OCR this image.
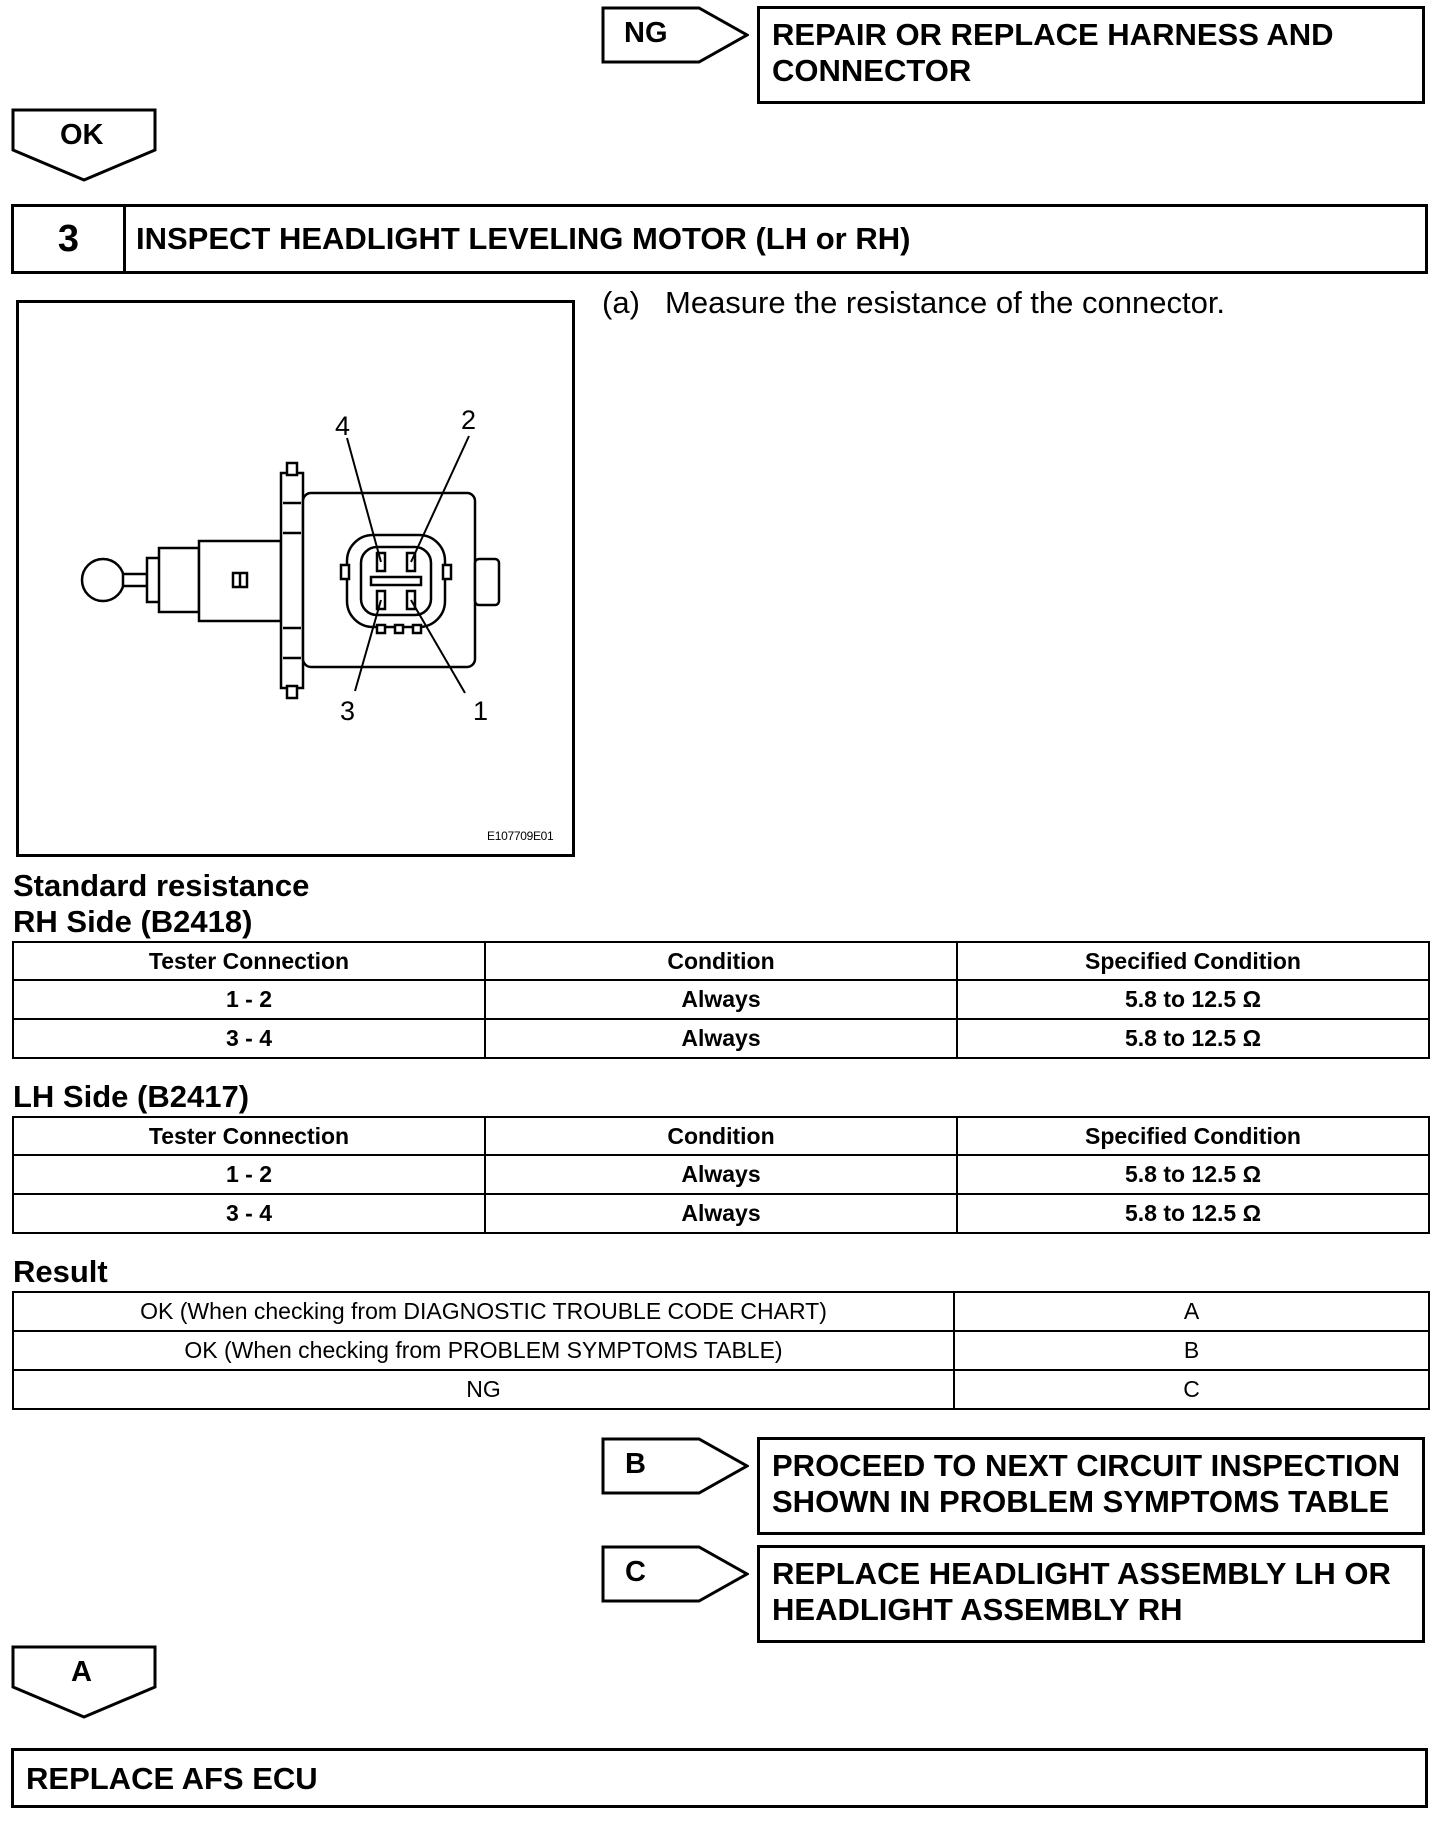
NG	REPAIR OR REPLACE HARNESS AND CONNECTOR
OK
3 INSPECT HEADLIGHT LEVELING MOTOR (LH or RH)
(a) Measure the resistance of the connector.
4	2
3	1
E107709E01
Standard resistance
RH Side (B2418)
Tester Connection	Condition	Specified Condition
1 - 2	Always	5.8 to 12.5 Ω
3 - 4	Always	5.8 to 12.5 Ω
LH Side (B2417)
Tester Connection	Condition	Specified Condition
1 - 2	Always	5.8 to 12.5 Ω
3 - 4	Always	5.8 to 12.5 Ω
Result
OK (When checking from DIAGNOSTIC TROUBLE CODE CHART)	A
OK (When checking from PROBLEM SYMPTOMS TABLE)	B
NG	C
B	PROCEED TO NEXT CIRCUIT INSPECTION SHOWN IN PROBLEM SYMPTOMS TABLE
C	REPLACE HEADLIGHT ASSEMBLY LH OR HEADLIGHT ASSEMBLY RH
A
REPLACE AFS ECU
